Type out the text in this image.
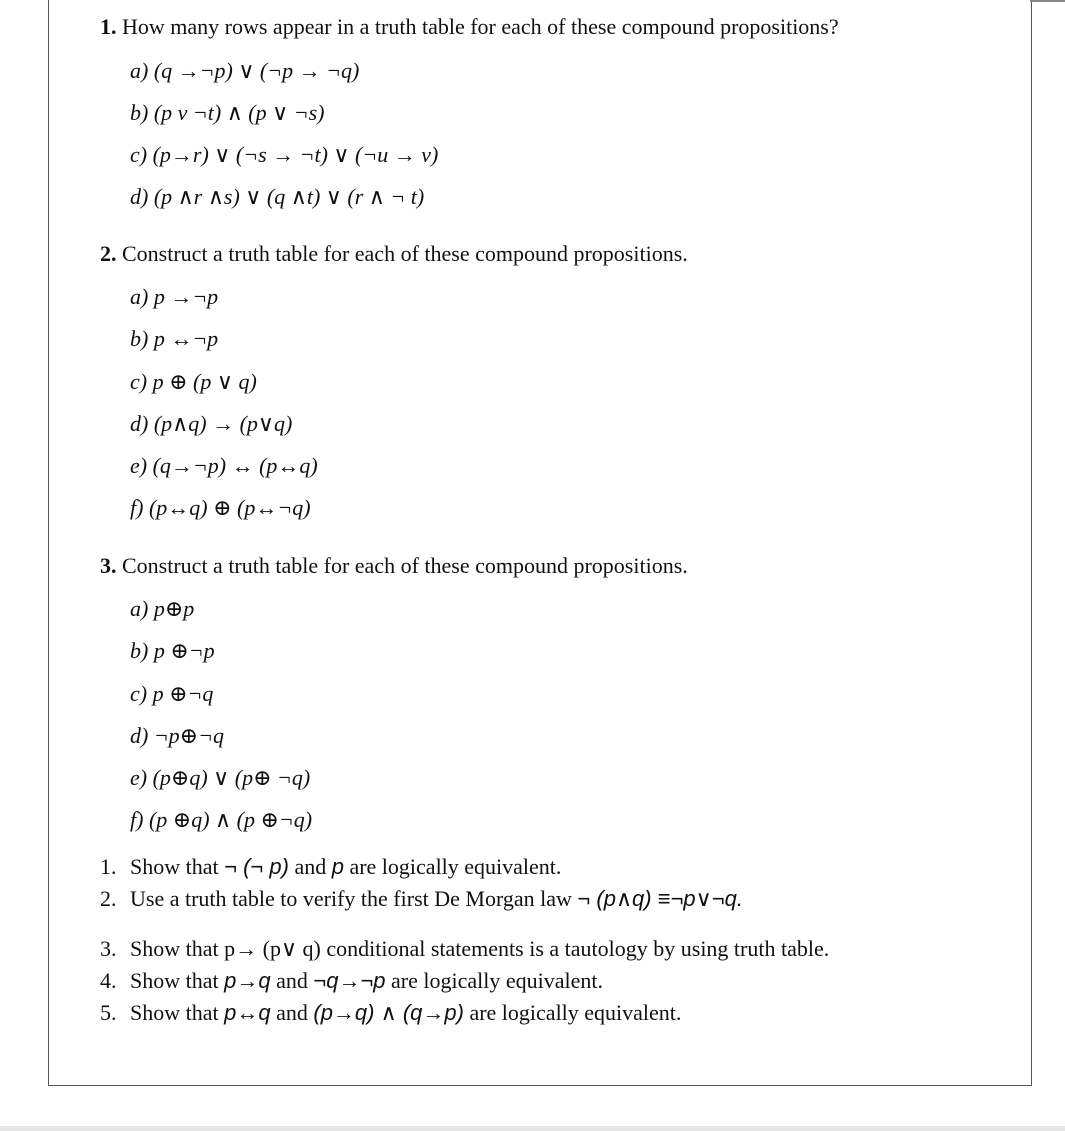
1. How many rows appear in a truth table for each of these compound propositions?
a) (q →¬p) ∨ (¬p → ¬q)
b) (p v ¬t) ∧ (p ∨ ¬s)
c) (p→r) ∨ (¬s → ¬t) ∨ (¬u → v)
d) (p ∧r ∧s) ∨ (q ∧t) ∨ (r ∧ ¬ t)
2. Construct a truth table for each of these compound propositions.
a) p →¬p
b) p ↔¬p
c) p ⊕ (p ∨ q)
d) (p∧q) → (p∨q)
e) (q→¬p) ↔ (p↔q)
f) (p↔q) ⊕ (p↔¬q)
3. Construct a truth table for each of these compound propositions.
a) p⊕p
b) p ⊕¬p
c) p ⊕¬q
d) ¬p⊕¬q
e) (p⊕q) ∨ (p⊕ ¬q)
f) (p ⊕q) ∧ (p ⊕¬q)
1. Show that ¬ (¬ p) and p are logically equivalent.
2. Use a truth table to verify the first De Morgan law ¬ (p∧q) ≡¬p∨¬q.
3. Show that p→ (p∨ q) conditional statements is a tautology by using truth table.
4. Show that p→q and ¬q→¬p are logically equivalent.
5. Show that p↔q and (p→q) ∧ (q→p) are logically equivalent.
